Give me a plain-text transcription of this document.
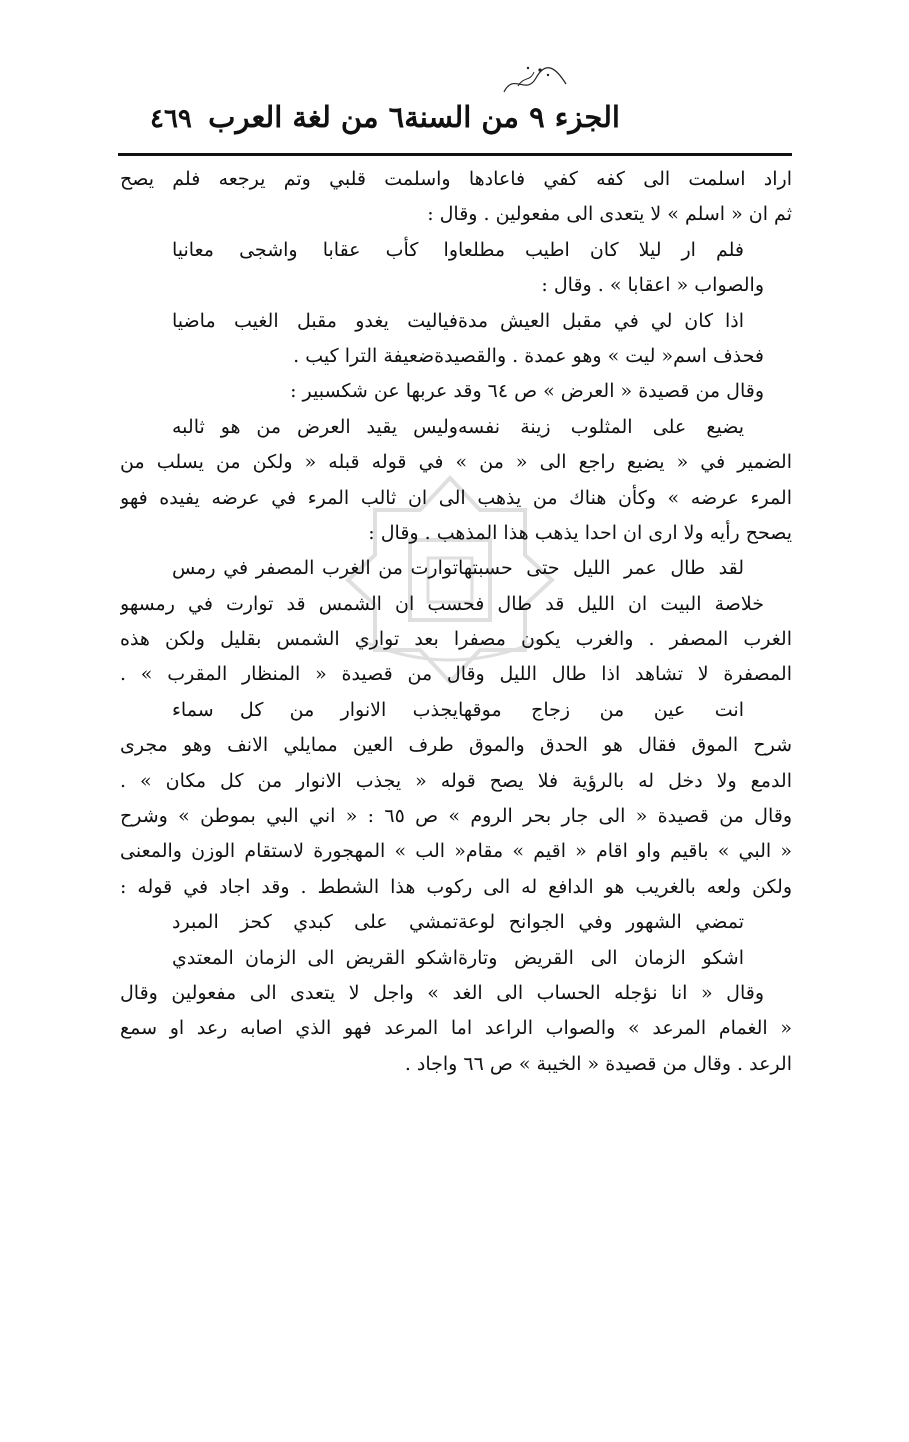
الجزء ٩ من السنة٦ من لغة العرب
٤٦٩
اراد اسلمت الى كفه كفي فاعادها واسلمت قلبي وتم يرجعه فلم يصح
ثم ان « اسلم » لا يتعدى الى مفعولين . وقال :
فلم ار ليلا كان اطيب مطلعا
وا كأب عقابا واشجى معانيا
والصواب « اعقابا » . وقال :
اذا كان لي في مقبل العيش مدة
فياليت يغدو مقبل الغيب ماضيا
فحذف اسم« ليت » وهو عمدة . والقصيدةضعيفة الترا كيب .
وقال من قصيدة « العرض » ص ٦٤ وقد عربها عن شكسبير :
يضيع على المثلوب زينة نفسه
وليس يقيد العرض من هو ثالبه
الضمير في « يضيع راجع الى « من » في قوله قبله « ولكن من يسلب من
المرء عرضه » وكأن هناك من يذهب الى ان ثالب المرء في عرضه يفيده فهو
يصحح رأيه ولا ارى ان احدا يذهب هذا المذهب . وقال :
لقد طال عمر الليل حتى حسبتها
توارت من الغرب المصفر في رمس
خلاصة البيت ان الليل قد طال فحسب ان الشمس قد توارت في رمسهو
الغرب المصفر . والغرب يكون مصفرا بعد تواري الشمس بقليل ولكن هذه
المصفرة لا تشاهد اذا طال الليل وقال من قصيدة « المنظار المقرب » .
انت عين من زجاج موقها
يجذب الانوار من كل سماء
شرح الموق فقال هو الحدق والموق طرف العين ممايلي الانف وهو مجرى
الدمع ولا دخل له بالرؤية فلا يصح قوله « يجذب الانوار من كل مكان » .
وقال من قصيدة « الى جار بحر الروم » ص ٦٥ : « اني البي بموطن » وشرح
« البي » باقيم واو اقام « اقيم » مقام« الب » المهجورة لاستقام الوزن والمعنى
ولكن ولعه بالغريب هو الدافع له الى ركوب هذا الشطط . وقد اجاد في قوله :
تمضي الشهور وفي الجوانح لوعة
تمشي على كبدي كحز المبرد
اشكو الزمان الى القريض وتارة
اشكو القريض الى الزمان المعتدي
وقال « انا نؤجله الحساب الى الغد » واجل لا يتعدى الى مفعولين وقال
« الغمام المرعد » والصواب الراعد اما المرعد فهو الذي اصابه رعد او سمع
الرعد . وقال من قصيدة « الخيبة » ص ٦٦ واجاد .
